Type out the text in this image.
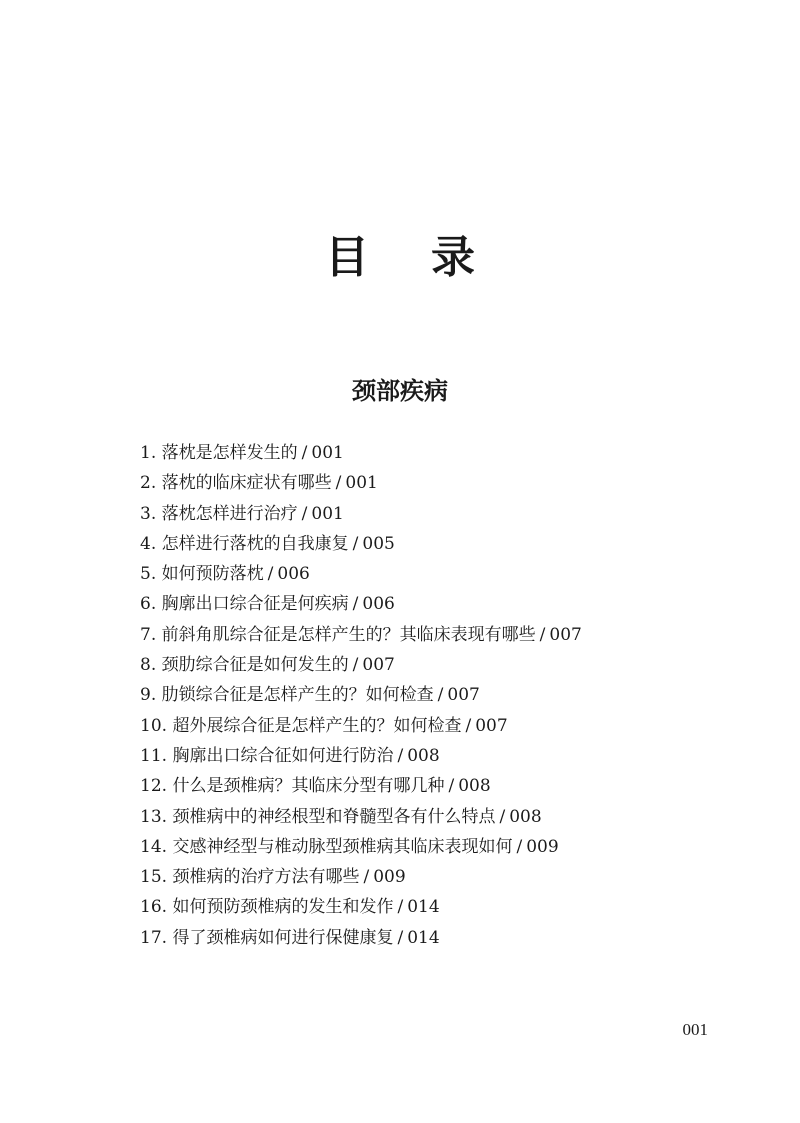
目 录
颈部疾病
1. 落枕是怎样发生的 / 001
2. 落枕的临床症状有哪些 / 001
3. 落枕怎样进行治疗 / 001
4. 怎样进行落枕的自我康复 / 005
5. 如何预防落枕 / 006
6. 胸廓出口综合征是何疾病 / 006
7. 前斜角肌综合征是怎样产生的？其临床表现有哪些 / 007
8. 颈肋综合征是如何发生的 / 007
9. 肋锁综合征是怎样产生的？如何检查 / 007
10. 超外展综合征是怎样产生的？如何检查 / 007
11. 胸廓出口综合征如何进行防治 / 008
12. 什么是颈椎病？其临床分型有哪几种 / 008
13. 颈椎病中的神经根型和脊髓型各有什么特点 / 008
14. 交感神经型与椎动脉型颈椎病其临床表现如何 / 009
15. 颈椎病的治疗方法有哪些 / 009
16. 如何预防颈椎病的发生和发作 / 014
17. 得了颈椎病如何进行保健康复 / 014
001
